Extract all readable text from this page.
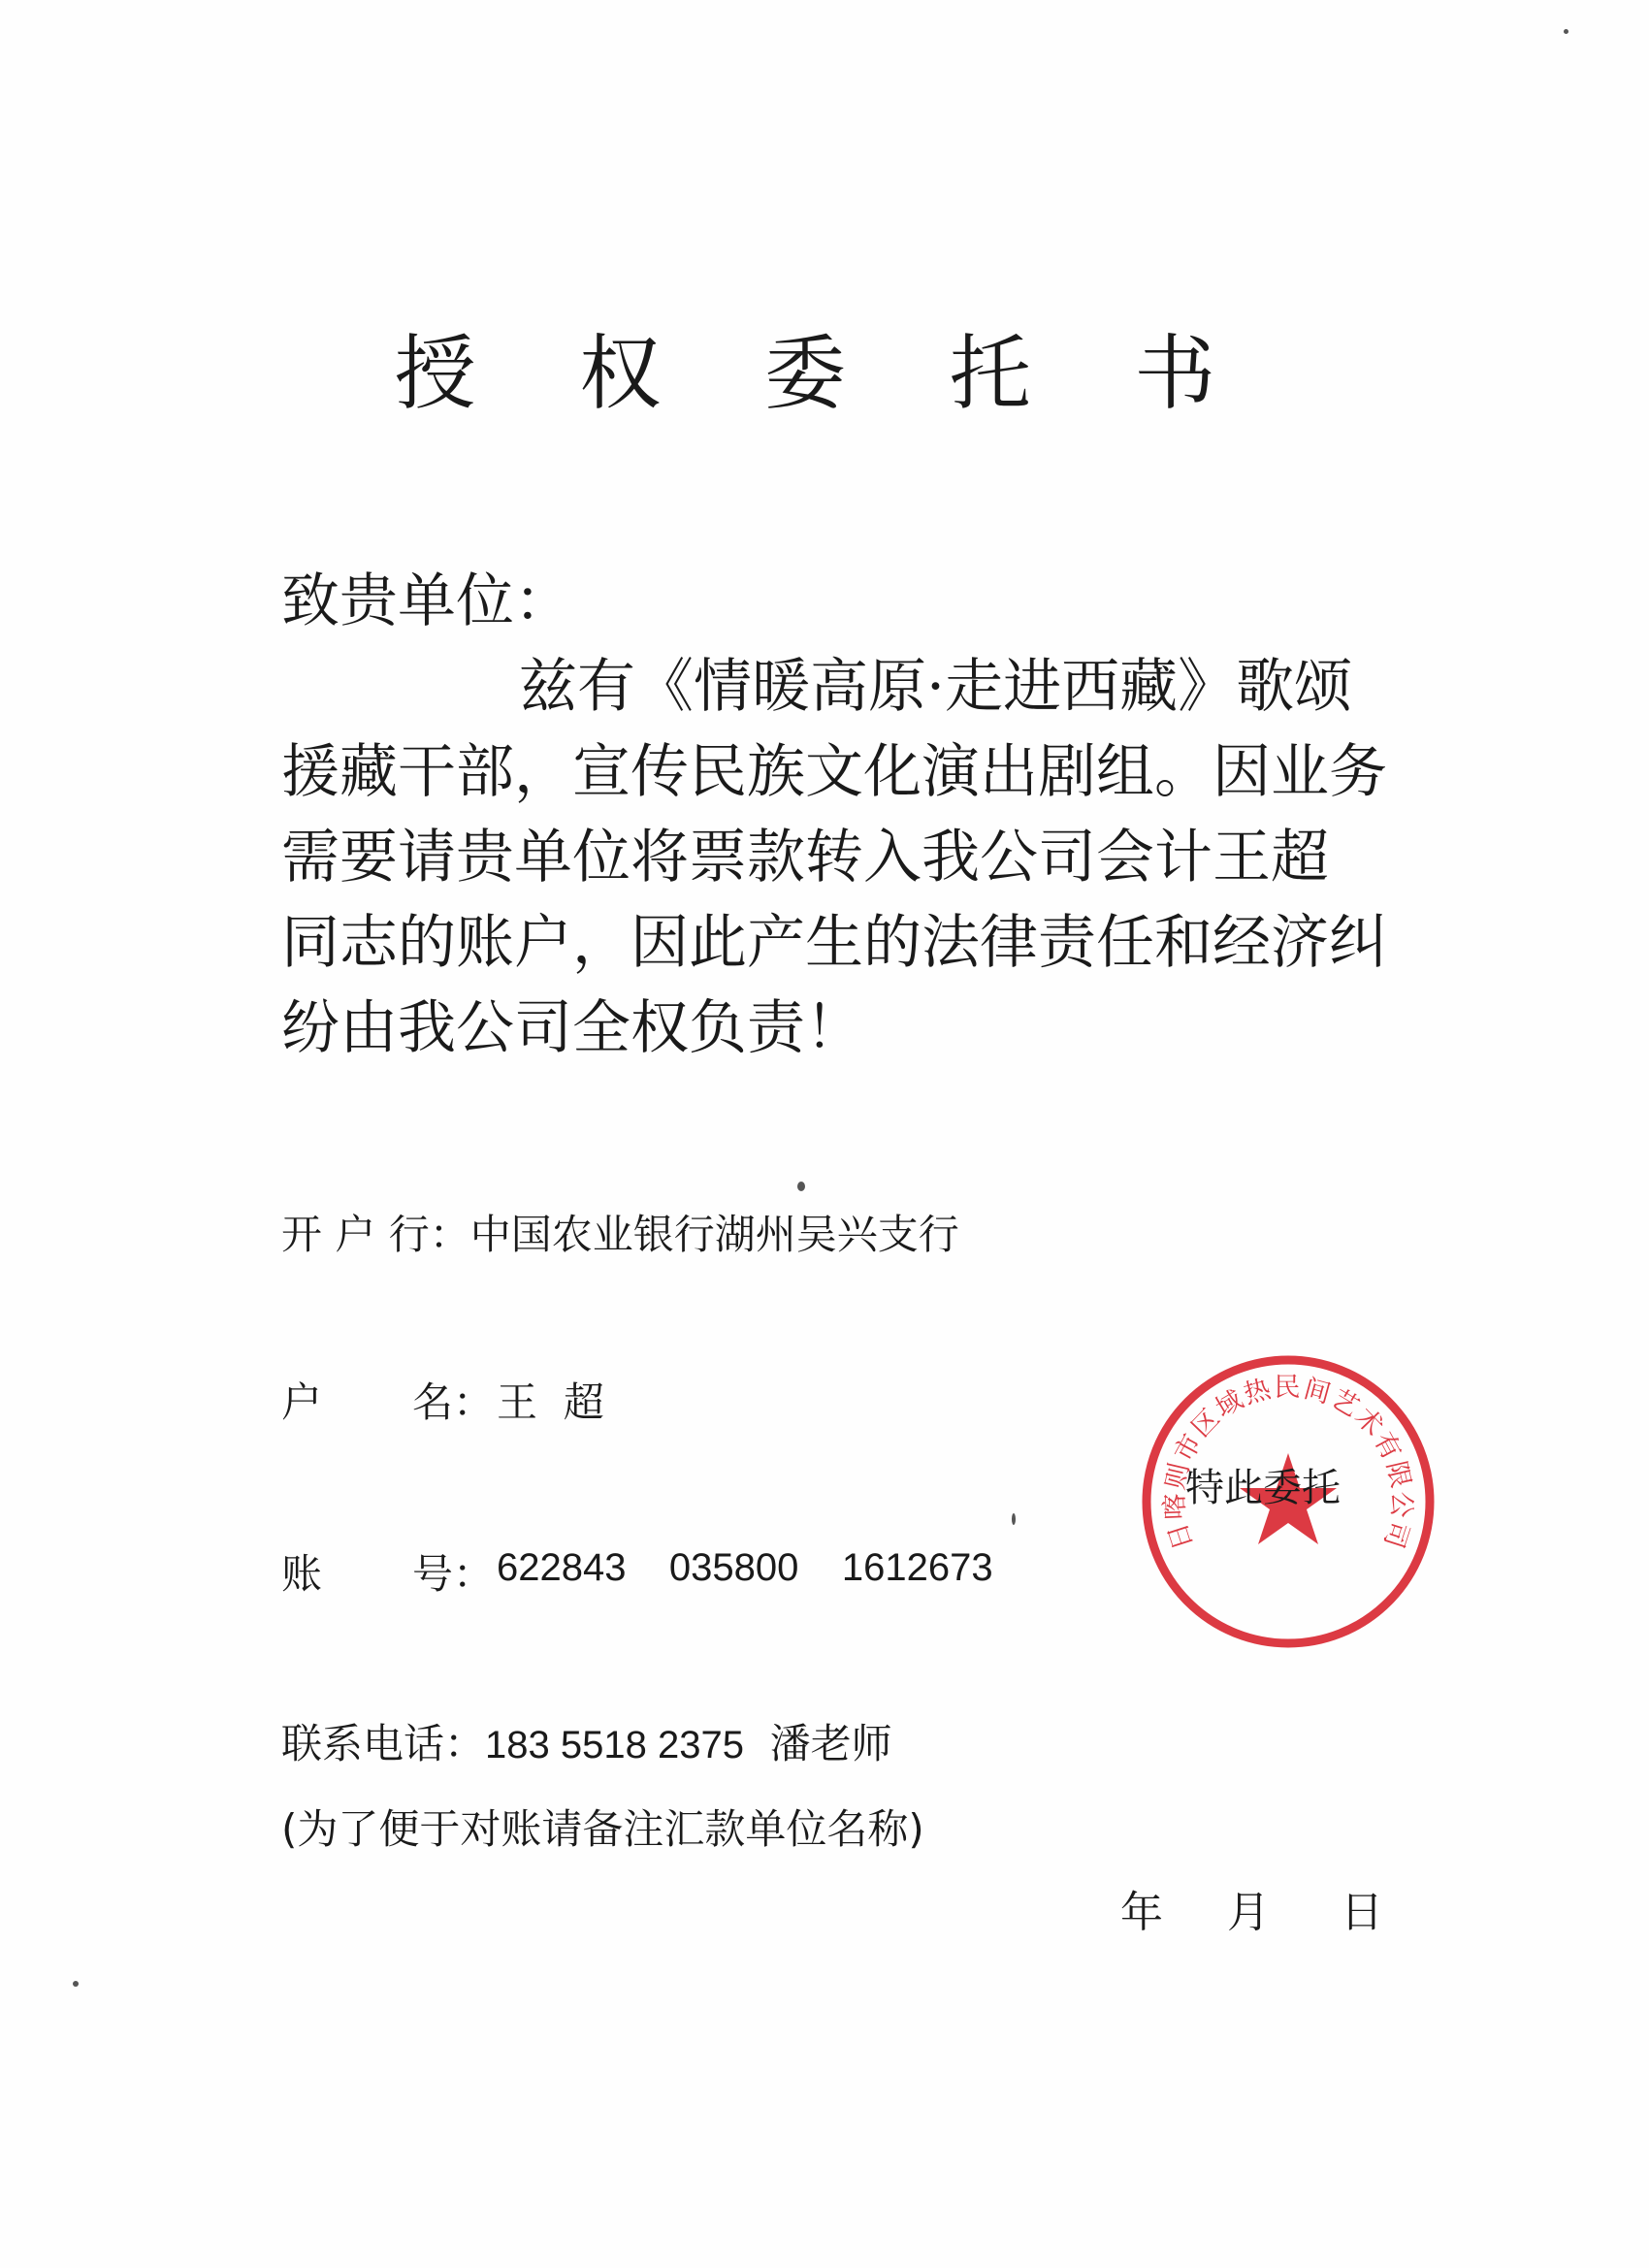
授 权 委 托 书
致贵单位：
兹有《情暖高原·走进西藏》歌颂
援藏干部，宣传民族文化演出剧组。因业务
需要请贵单位将票款转入我公司会计王超
同志的账户，因此产生的法律责任和经济纠
纷由我公司全权负责！
开 户 行：中国农业银行湖州吴兴支行
户 名： 王  超
账 号： 622843    035800    1612673
联系电话：183 5518 2375 潘老师
(为了便于对账请备注汇款单位名称)
日喀则市区域热民间艺术有限公司
特此委托
年 月 日
